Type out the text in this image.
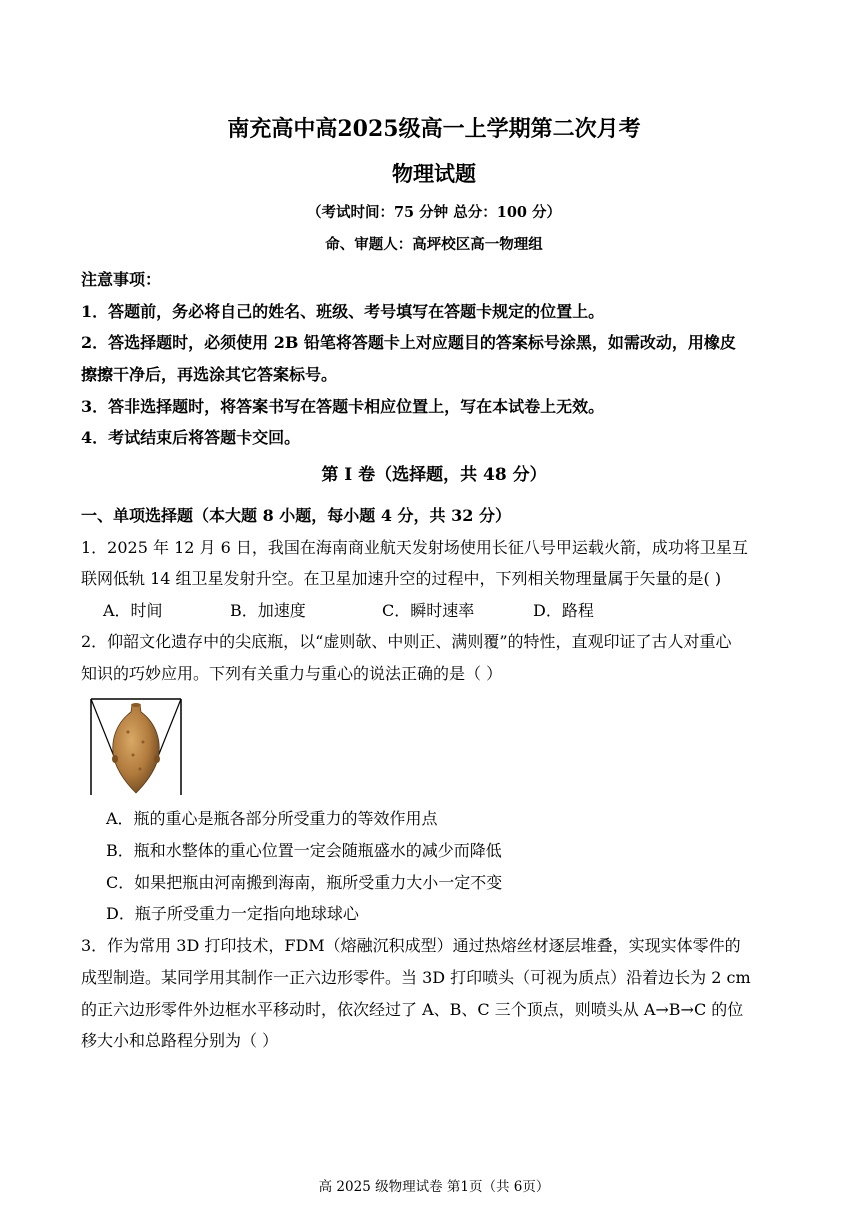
南充高中高2025级高一上学期第二次月考
物理试题
（考试时间：75 分钟 总分：100 分）
命、审题人：高坪校区高一物理组
注意事项：
1．答题前，务必将自己的姓名、班级、考号填写在答题卡规定的位置上。
2．答选择题时，必须使用 2B 铅笔将答题卡上对应题目的答案标号涂黑，如需改动，用橡皮
擦擦干净后，再选涂其它答案标号。
3．答非选择题时，将答案书写在答题卡相应位置上，写在本试卷上无效。
4．考试结束后将答题卡交回。
第 I 卷（选择题，共 48 分）
一、单项选择题（本大题 8 小题，每小题 4 分，共 32 分）
1．2025 年 12 月 6 日，我国在海南商业航天发射场使用长征八号甲运载火箭，成功将卫星互
联网低轨 14 组卫星发射升空。在卫星加速升空的过程中，下列相关物理量属于矢量的是( )
A．时间	B．加速度	C．瞬时速率	D．路程
2．仰韶文化遗存中的尖底瓶，以“虚则欹、中则正、满则覆”的特性，直观印证了古人对重心
知识的巧妙应用。下列有关重力与重心的说法正确的是（ ）
A．瓶的重心是瓶各部分所受重力的等效作用点
B．瓶和水整体的重心位置一定会随瓶盛水的减少而降低
C．如果把瓶由河南搬到海南，瓶所受重力大小一定不变
D．瓶子所受重力一定指向地球球心
3．作为常用 3D 打印技术，FDM（熔融沉积成型）通过热熔丝材逐层堆叠，实现实体零件的
成型制造。某同学用其制作一正六边形零件。当 3D 打印喷头（可视为质点）沿着边长为 2 cm
的正六边形零件外边框水平移动时，依次经过了 A、B、C 三个顶点，则喷头从 A→B→C 的位
移大小和总路程分别为（ ）
高 2025 级物理试卷 第1页（共 6页）
